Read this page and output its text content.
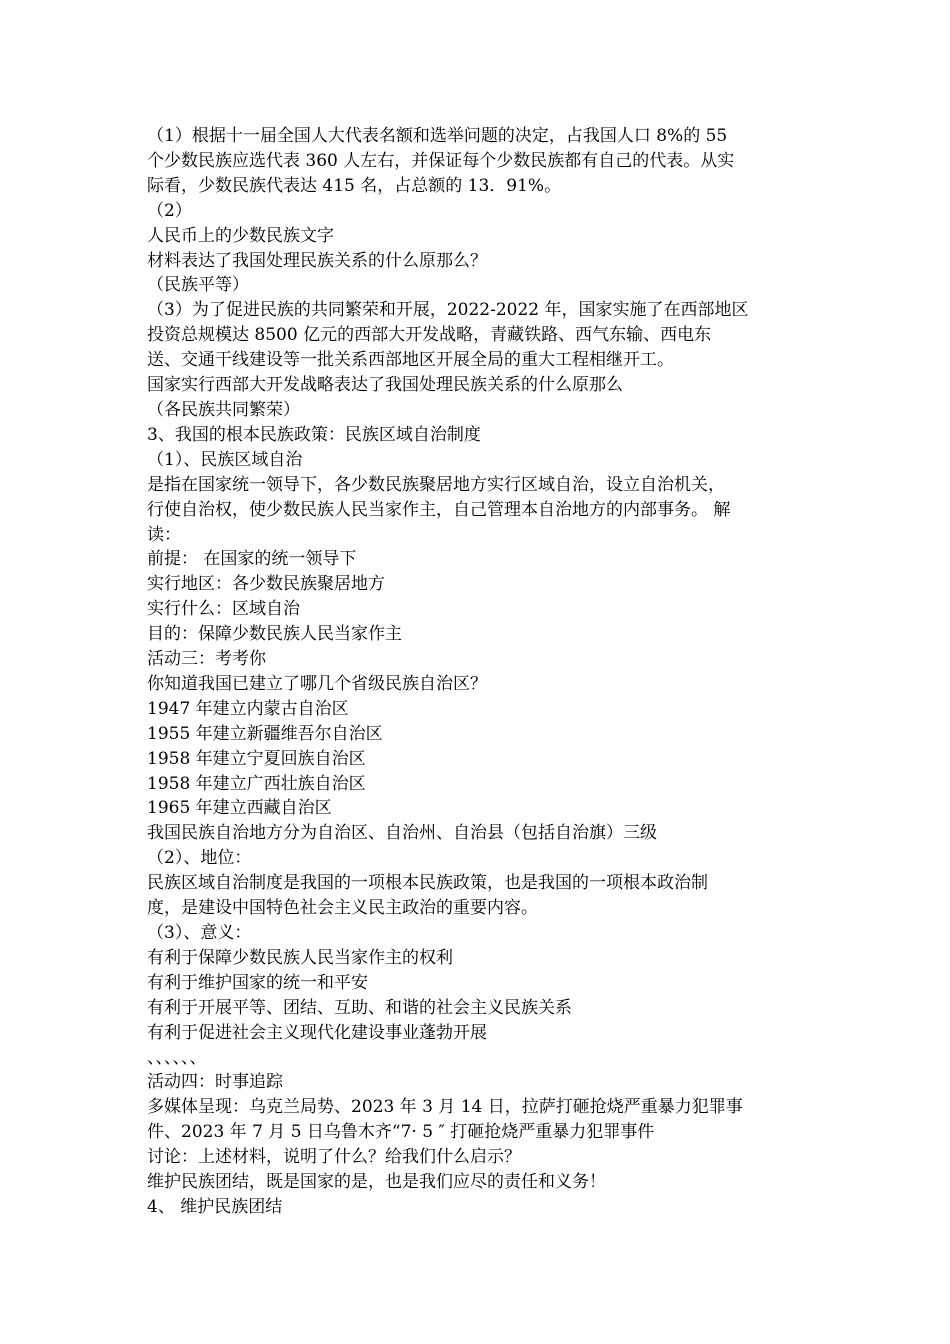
（1）根据十一届全国人大代表名额和选举问题的决定，占我国人口 8%的 55
个少数民族应选代表 360 人左右，并保证每个少数民族都有自己的代表。从实
际看，少数民族代表达 415 名，占总额的 13．91%。
（2）
人民币上的少数民族文字
材料表达了我国处理民族关系的什么原那么？
（民族平等）
（3）为了促进民族的共同繁荣和开展，2022-2022 年，国家实施了在西部地区
投资总规模达 8500 亿元的西部大开发战略，青藏铁路、西气东输、西电东
送、交通干线建设等一批关系西部地区开展全局的重大工程相继开工。
国家实行西部大开发战略表达了我国处理民族关系的什么原那么
（各民族共同繁荣）
3、我国的根本民族政策：民族区域自治制度
（1）、民族区域自治
是指在国家统一领导下，各少数民族聚居地方实行区域自治，设立自治机关，
行使自治权，使少数民族人民当家作主，自己管理本自治地方的内部事务。 解
读：
前提： 在国家的统一领导下
实行地区：各少数民族聚居地方
实行什么：区域自治
目的：保障少数民族人民当家作主
活动三：考考你
你知道我国已建立了哪几个省级民族自治区？
1947 年建立内蒙古自治区
1955 年建立新疆维吾尔自治区
1958 年建立宁夏回族自治区
1958 年建立广西壮族自治区
1965 年建立西藏自治区
我国民族自治地方分为自治区、自治州、自治县（包括自治旗）三级
（2）、地位：
民族区域自治制度是我国的一项根本民族政策，也是我国的一项根本政治制
度，是建设中国特色社会主义民主政治的重要内容。
（3）、意义：
有利于保障少数民族人民当家作主的权利
有利于维护国家的统一和平安
有利于开展平等、团结、互助、和谐的社会主义民族关系
有利于促进社会主义现代化建设事业蓬勃开展
、、、、、、
活动四：时事追踪
多媒体呈现：乌克兰局势、2023 年 3 月 14 日，拉萨打砸抢烧严重暴力犯罪事
件、2023 年 7 月 5 日乌鲁木齐“7· 5 ″ 打砸抢烧严重暴力犯罪事件
讨论：上述材料，说明了什么？给我们什么启示？
维护民族团结，既是国家的是，也是我们应尽的责任和义务！
4、 维护民族团结
